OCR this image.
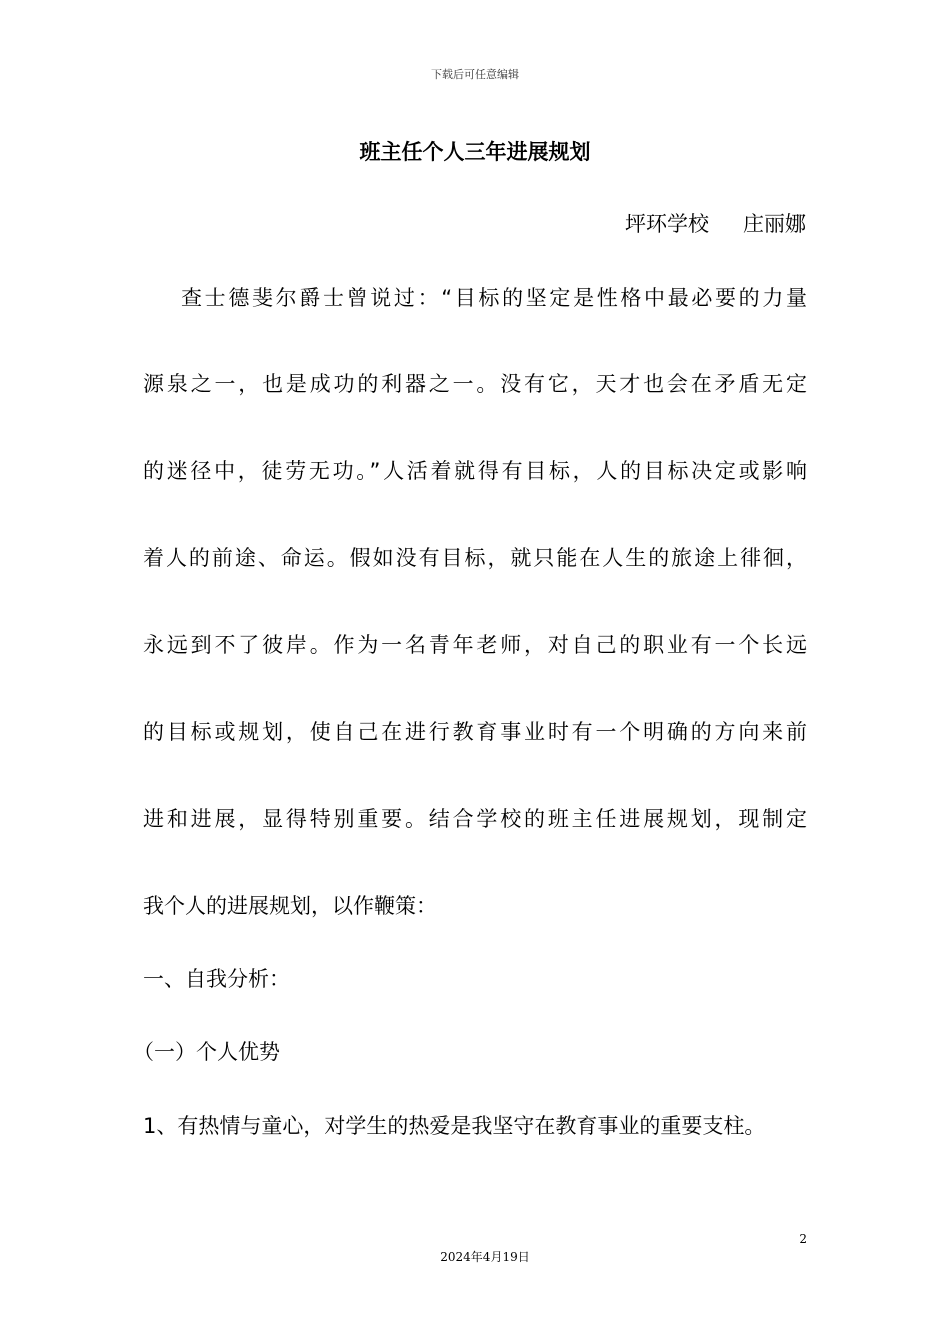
下载后可任意编辑
班主任个人三年进展规划
坪环学校 庄丽娜
查士德斐尔爵士曾说过：“目标的坚定是性格中最必要的力量
源泉之一，也是成功的利器之一。没有它，天才也会在矛盾无定
的迷径中，徒劳无功。”人活着就得有目标，人的目标决定或影响
着人的前途、命运。假如没有目标，就只能在人生的旅途上徘徊，
永远到不了彼岸。作为一名青年老师，对自己的职业有一个长远
的目标或规划，使自己在进行教育事业时有一个明确的方向来前
进和进展，显得特别重要。结合学校的班主任进展规划，现制定
我个人的进展规划，以作鞭策：
一、自我分析：
（一）个人优势
1、有热情与童心，对学生的热爱是我坚守在教育事业的重要支柱。
2
2024年4月19日
